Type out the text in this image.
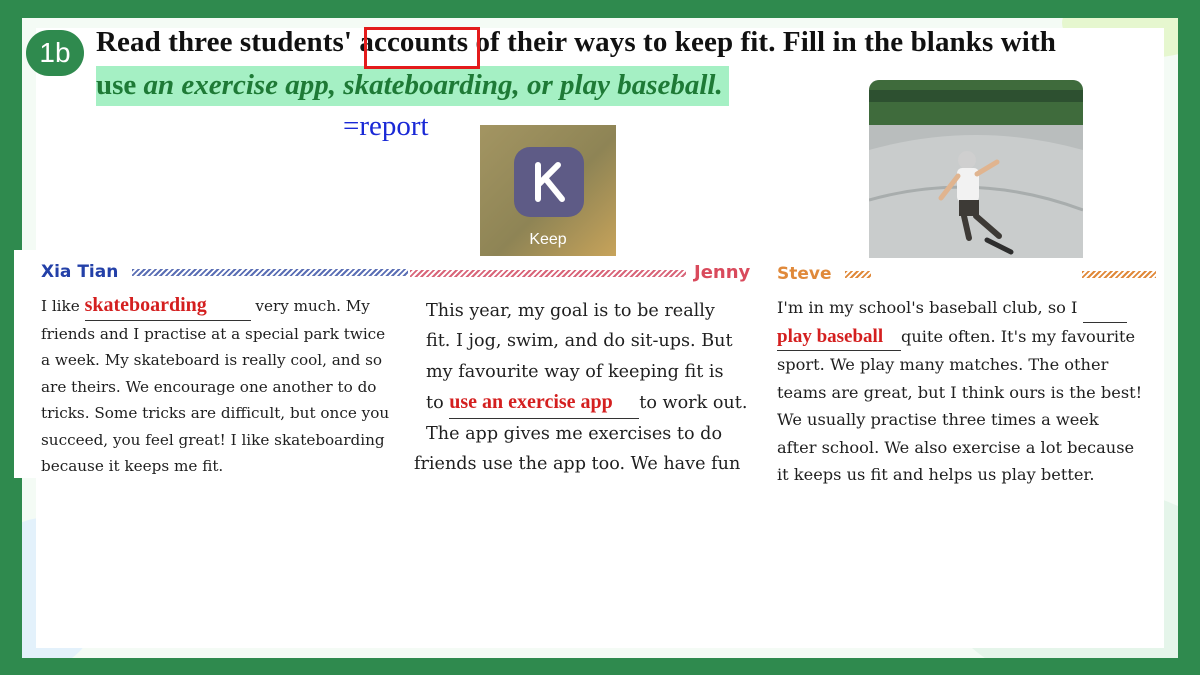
1b Read three students' accounts of their ways to keep fit. Fill in the blanks with
use an exercise app, skateboarding, or play baseball.
=report
Keep
Xia Tian
I like skateboarding	very much. My
friends and I practise at a special park twice
a week. My skateboard is really cool, and so
are theirs. We encourage one another to do
tricks. Some tricks are difficult, but once you
succeed, you feel great! I like skateboarding
because it keeps me fit.
Jenny
This year, my goal is to be really
fit. I jog, swim, and do sit-ups. But
my favourite way of keeping fit is
to use an exercise app to work out.
The app gives me exercises to do
friends use the app too. We have fun
Steve
I'm in my school's baseball club, so I
play baseball quite often. It's my favourite
sport. We play many matches. The other
teams are great, but I think ours is the best!
We usually practise three times a week
after school. We also exercise a lot because
it keeps us fit and helps us play better.
